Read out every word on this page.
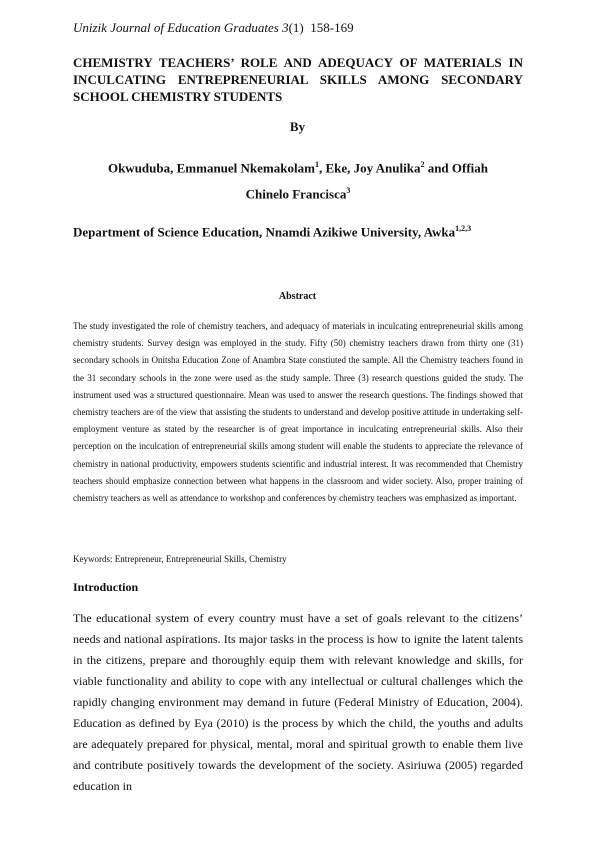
Unizik Journal of Education Graduates 3(1) 158-169
CHEMISTRY TEACHERS’ ROLE AND ADEQUACY OF MATERIALS IN INCULCATING ENTREPRENEURIAL SKILLS AMONG SECONDARY SCHOOL CHEMISTRY STUDENTS
By
Okwuduba, Emmanuel Nkemakolam$^1$, Eke, Joy Anulika$^2$ and Offiah
Chinelo Francisca$^3$
Department of Science Education, Nnamdi Azikiwe University, Awka$^{1,2,3}$
Abstract

The study investigated the role of chemistry teachers, and adequacy of materials in inculcating entrepreneurial skills among chemistry students. Survey design was employed in the study. Fifty (50) chemistry teachers drawn from thirty one (31) secondary schools in Onitsha Education Zone of Anambra State constiuted the sample. All the Chemistry teachers found in the 31 secondary schools in the zone were used as the study sample. Three (3) research questions guided the study. The instrument used was a structured questionnaire. Mean was used to answer the research questions. The findings showed that chemistry teachers are of the view that assisting the students to understand and develop positive attitude in undertaking self-employment venture as stated by the researcher is of great importance in inculcating entrepreneurial skills. Also their perception on the inculcation of entrepreneurial skills among student will enable the students to appreciate the relevance of chemistry in national productivity, empowers students scientific and industrial interest. It was recommended that Chemistry teachers should emphasize connection between what happens in the classroom and wider society. Also, proper training of chemistry teachers as well as attendance to workshop and conferences by chemistry teachers was emphasized as important.

Keywords: Entrepreneur, Entrepreneurial Skills, Chemistry
Introduction

The educational system of every country must have a set of goals relevant to the citizens’ needs and national aspirations. Its major tasks in the process is how to ignite the latent talents in the citizens, prepare and thoroughly equip them with relevant knowledge and skills, for viable functionality and ability to cope with any intellectual or cultural challenges which the rapidly changing environment may demand in future (Federal Ministry of Education, 2004). Education as defined by Eya (2010) is the process by which the child, the youths and adults are adequately prepared for physical, mental, moral and spiritual growth to enable them live and contribute positively towards the development of the society. Asiriuwa (2005) regarded education in
